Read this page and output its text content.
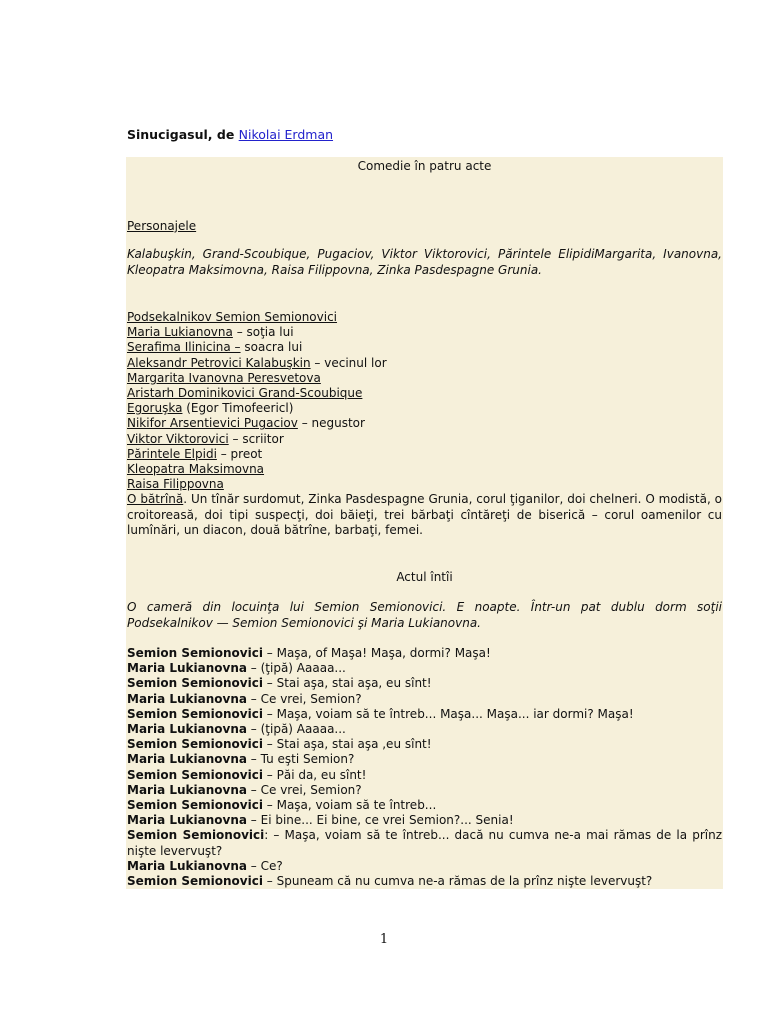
Sinucigasul, de Nikolai Erdman
Comedie în patru acte
Personajele
Kalabuşkin, Grand-Scoubique, Pugaciov, Viktor Viktorovici, Părintele ElipidiMargarita, Ivanovna, Kleopatra Maksimovna, Raisa Filippovna, Zinka Pasdespagne Grunia.
Podsekalnikov Semion Semionovici
Maria Lukianovna – soţia lui
Serafima Ilinicina – soacra lui
Aleksandr Petrovici Kalabuşkin – vecinul lor
Margarita Ivanovna Peresvetova
Aristarh Dominikovici Grand-Scoubique
Egoruşka (Egor Timofeericl)
Nikifor Arsentievici Pugaciov – negustor
Viktor Viktorovici – scriitor
Părintele Elpidi – preot
Kleopatra Maksimovna
Raisa Filippovna
O bătrînă. Un tînăr surdomut, Zinka Pasdespagne Grunia, corul ţiganilor, doi chelneri. O modistă, o croitoreasă, doi tipi suspecţi, doi băieţi, trei bărbaţi cîntăreţi de biserică – corul oamenilor cu lumînări, un diacon, două bătrîne, barbaţi, femei.
Actul întîi
O cameră din locuinţa lui Semion Semionovici. E noapte. Într-un pat dublu dorm soţii Podsekalnikov — Semion Semionovici şi Maria Lukianovna.
Semion Semionovici – Maşa, of Maşa! Maşa, dormi? Maşa!
Maria Lukianovna – (ţipă) Aaaaa...
Semion Semionovici – Stai aşa, stai aşa, eu sînt!
Maria Lukianovna – Ce vrei, Semion?
Semion Semionovici – Maşa, voiam să te întreb... Maşa... Maşa... iar dormi? Maşa!
Maria Lukianovna – (ţipă) Aaaaa...
Semion Semionovici – Stai aşa, stai aşa ,eu sînt!
Maria Lukianovna – Tu eşti Semion?
Semion Semionovici – Păi da, eu sînt!
Maria Lukianovna – Ce vrei, Semion?
Semion Semionovici – Maşa, voiam să te întreb...
Maria Lukianovna – Ei bine... Ei bine, ce vrei Semion?... Senia!
Semion Semionovici: – Maşa, voiam să te întreb... dacă nu cumva ne-a mai rămas de la prînz nişte levervuşt?
Maria Lukianovna – Ce?
Semion Semionovici – Spuneam că nu cumva ne-a rămas de la prînz nişte levervuşt?
1
